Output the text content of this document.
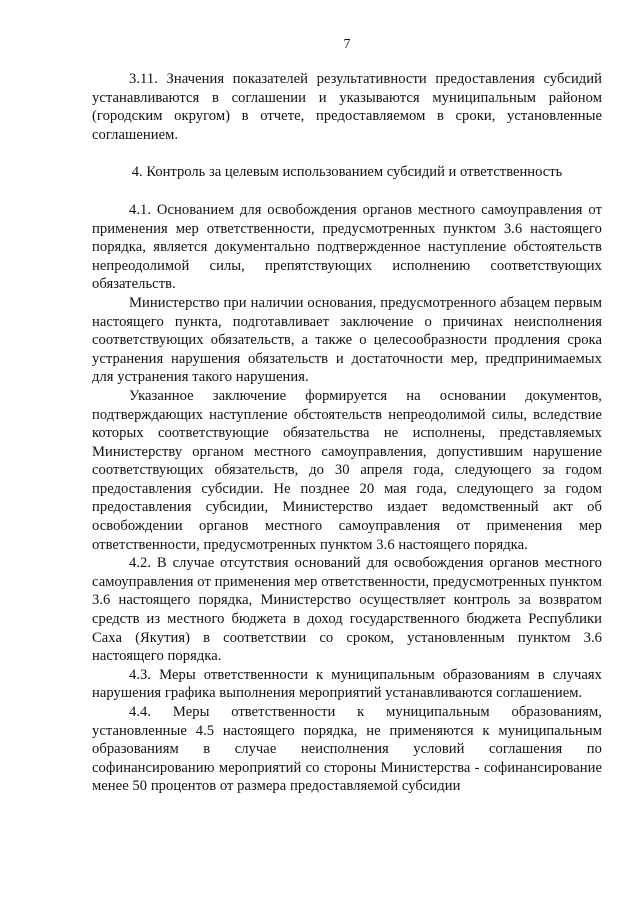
7

3.11. Значения показателей результативности предоставления субсидий устанавливаются в соглашении и указываются муниципальным районом (городским округом) в отчете, предоставляемом в сроки, установленные соглашением.

4. Контроль за целевым использованием субсидий и ответственность

4.1. Основанием для освобождения органов местного самоуправления от применения мер ответственности, предусмотренных пунктом 3.6 настоящего порядка, является документально подтвержденное наступление обстоятельств непреодолимой силы, препятствующих исполнению соответствующих обязательств.

Министерство при наличии основания, предусмотренного абзацем первым настоящего пункта, подготавливает заключение о причинах неисполнения соответствующих обязательств, а также о целесообразности продления срока устранения нарушения обязательств и достаточности мер, предпринимаемых для устранения такого нарушения.

Указанное заключение формируется на основании документов, подтверждающих наступление обстоятельств непреодолимой силы, вследствие которых соответствующие обязательства не исполнены, представляемых Министерству органом местного самоуправления, допустившим нарушение соответствующих обязательств, до 30 апреля года, следующего за годом предоставления субсидии. Не позднее 20 мая года, следующего за годом предоставления субсидии, Министерство издает ведомственный акт об освобождении органов местного самоуправления от применения мер ответственности, предусмотренных пунктом 3.6 настоящего порядка.

4.2. В случае отсутствия оснований для освобождения органов местного самоуправления от применения мер ответственности, предусмотренных пунктом 3.6 настоящего порядка, Министерство осуществляет контроль за возвратом средств из местного бюджета в доход государственного бюджета Республики Саха (Якутия) в соответствии со сроком, установленным пунктом 3.6 настоящего порядка.

4.3. Меры ответственности к муниципальным образованиям в случаях нарушения графика выполнения мероприятий устанавливаются соглашением.

4.4. Меры ответственности к муниципальным образованиям, установленные 4.5 настоящего порядка, не применяются к муниципальным образованиям в случае неисполнения условий соглашения по софинансированию мероприятий со стороны Министерства - софинансирование менее 50 процентов от размера предоставляемой субсидии
